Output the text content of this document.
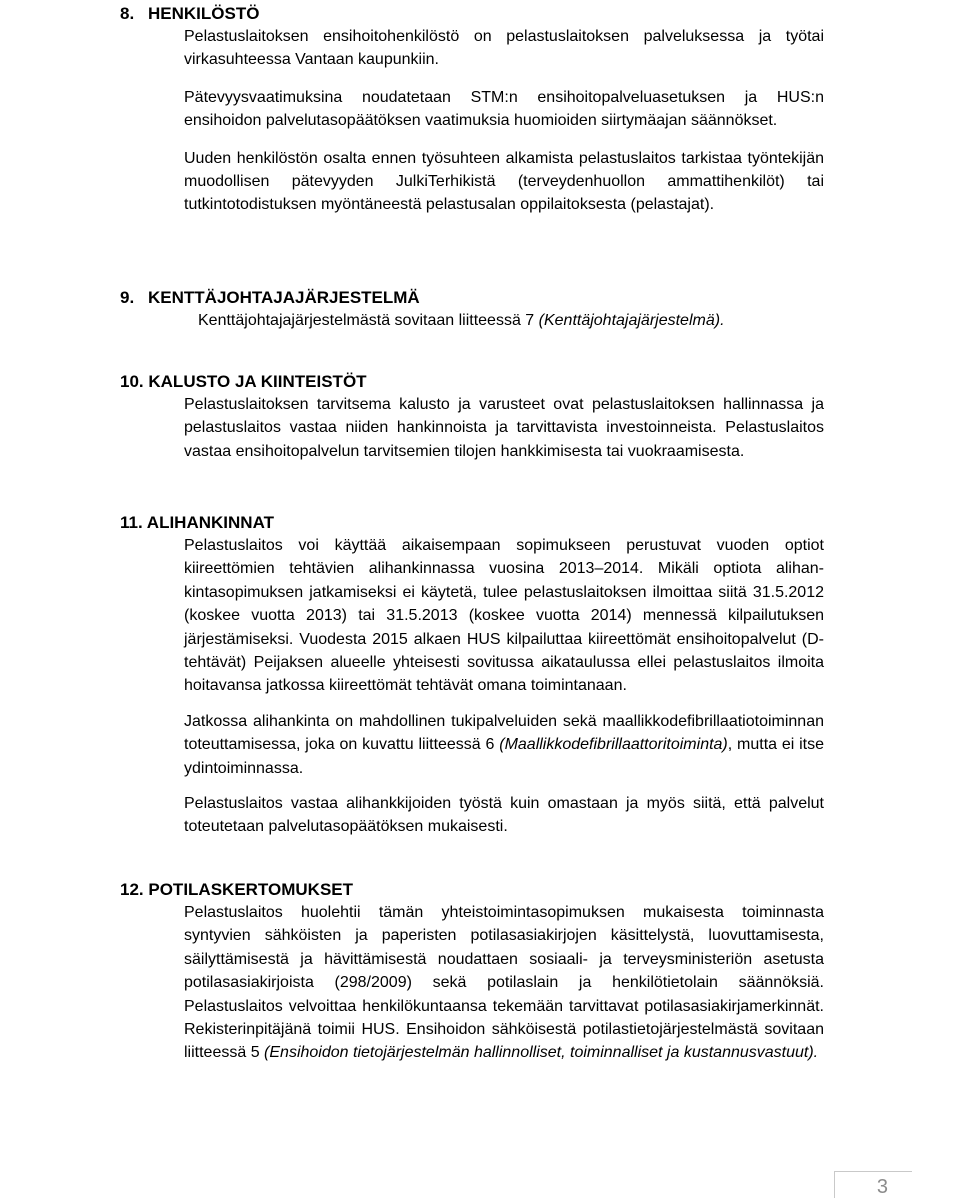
8. HENKILÖSTÖ
Pelastuslaitoksen ensihoitohenkilöstö on pelastuslaitoksen palveluksessa ja työtai virkasuhteessa Vantaan kaupunkiin.
Pätevyysvaatimuksina noudatetaan STM:n ensihoitopalveluasetuksen ja HUS:n ensihoidon palvelutasopäätöksen vaatimuksia huomioiden siirtymäajan säännökset.
Uuden henkilöstön osalta ennen työsuhteen alkamista pelastuslaitos tarkistaa työntekijän muodollisen pätevyyden JulkiTerhikistä (terveydenhuollon ammattihenkilöt) tai tutkintotodistuksen myöntäneestä pelastusalan oppilaitoksesta (pelastajat).
9. KENTTÄJOHTAJAJÄRJESTELMÄ
Kenttäjohtajajärjestelmästä sovitaan liitteessä 7 (Kenttäjohtajajärjestelmä).
10. KALUSTO JA KIINTEISTÖT
Pelastuslaitoksen tarvitsema kalusto ja varusteet ovat pelastuslaitoksen hallinnassa ja pelastuslaitos vastaa niiden hankinnoista ja tarvittavista investoinneista. Pelastuslaitos vastaa ensihoitopalvelun tarvitsemien tilojen hankkimisesta tai vuokraamisesta.
11. ALIHANKINNAT
Pelastuslaitos voi käyttää aikaisempaan sopimukseen perustuvat vuoden optiot kiireettömien tehtävien alihankinnassa vuosina 2013–2014. Mikäli optiota alihankintasopimuksen jatkamiseksi ei käytetä, tulee pelastuslaitoksen ilmoittaa siitä 31.5.2012 (koskee vuotta 2013) tai 31.5.2013 (koskee vuotta 2014) mennessä kilpailutuksen järjestämiseksi. Vuodesta 2015 alkaen HUS kilpailuttaa kiireettömät ensihoitopalvelut (D-tehtävät) Peijaksen alueelle yhteisesti sovitussa aikataulussa ellei pelastuslaitos ilmoita hoitavansa jatkossa kiireettömät tehtävät omana toimintanaan.
Jatkossa alihankinta on mahdollinen tukipalveluiden sekä maallikkodefibrillaatiotoiminnan toteuttamisessa, joka on kuvattu liitteessä 6 (Maallikkodefibrillaattoritoiminta), mutta ei itse ydintoiminnassa.
Pelastuslaitos vastaa alihankkijoiden työstä kuin omastaan ja myös siitä, että palvelut toteutetaan palvelutasopäätöksen mukaisesti.
12. POTILASKERTOMUKSET
Pelastuslaitos huolehtii tämän yhteistoimintasopimuksen mukaisesta toiminnasta syntyvien sähköisten ja paperisten potilasasiakirjojen käsittelystä, luovuttamisesta, säilyttämisestä ja hävittämisestä noudattaen sosiaali- ja terveysministeriön asetusta potilasasiakirjoista (298/2009) sekä potilaslain ja henkilötietolain säännöksiä. Pelastuslaitos velvoittaa henkilökuntaansa tekemään tarvittavat potilasasiakirjamerkinnät. Rekisterinpitäjänä toimii HUS. Ensihoidon sähköisestä potilastietojärjestelmästä sovitaan liitteessä 5 (Ensihoidon tietojärjestelmän hallinnolliset, toiminnalliset ja kustannusvastuut).
3
